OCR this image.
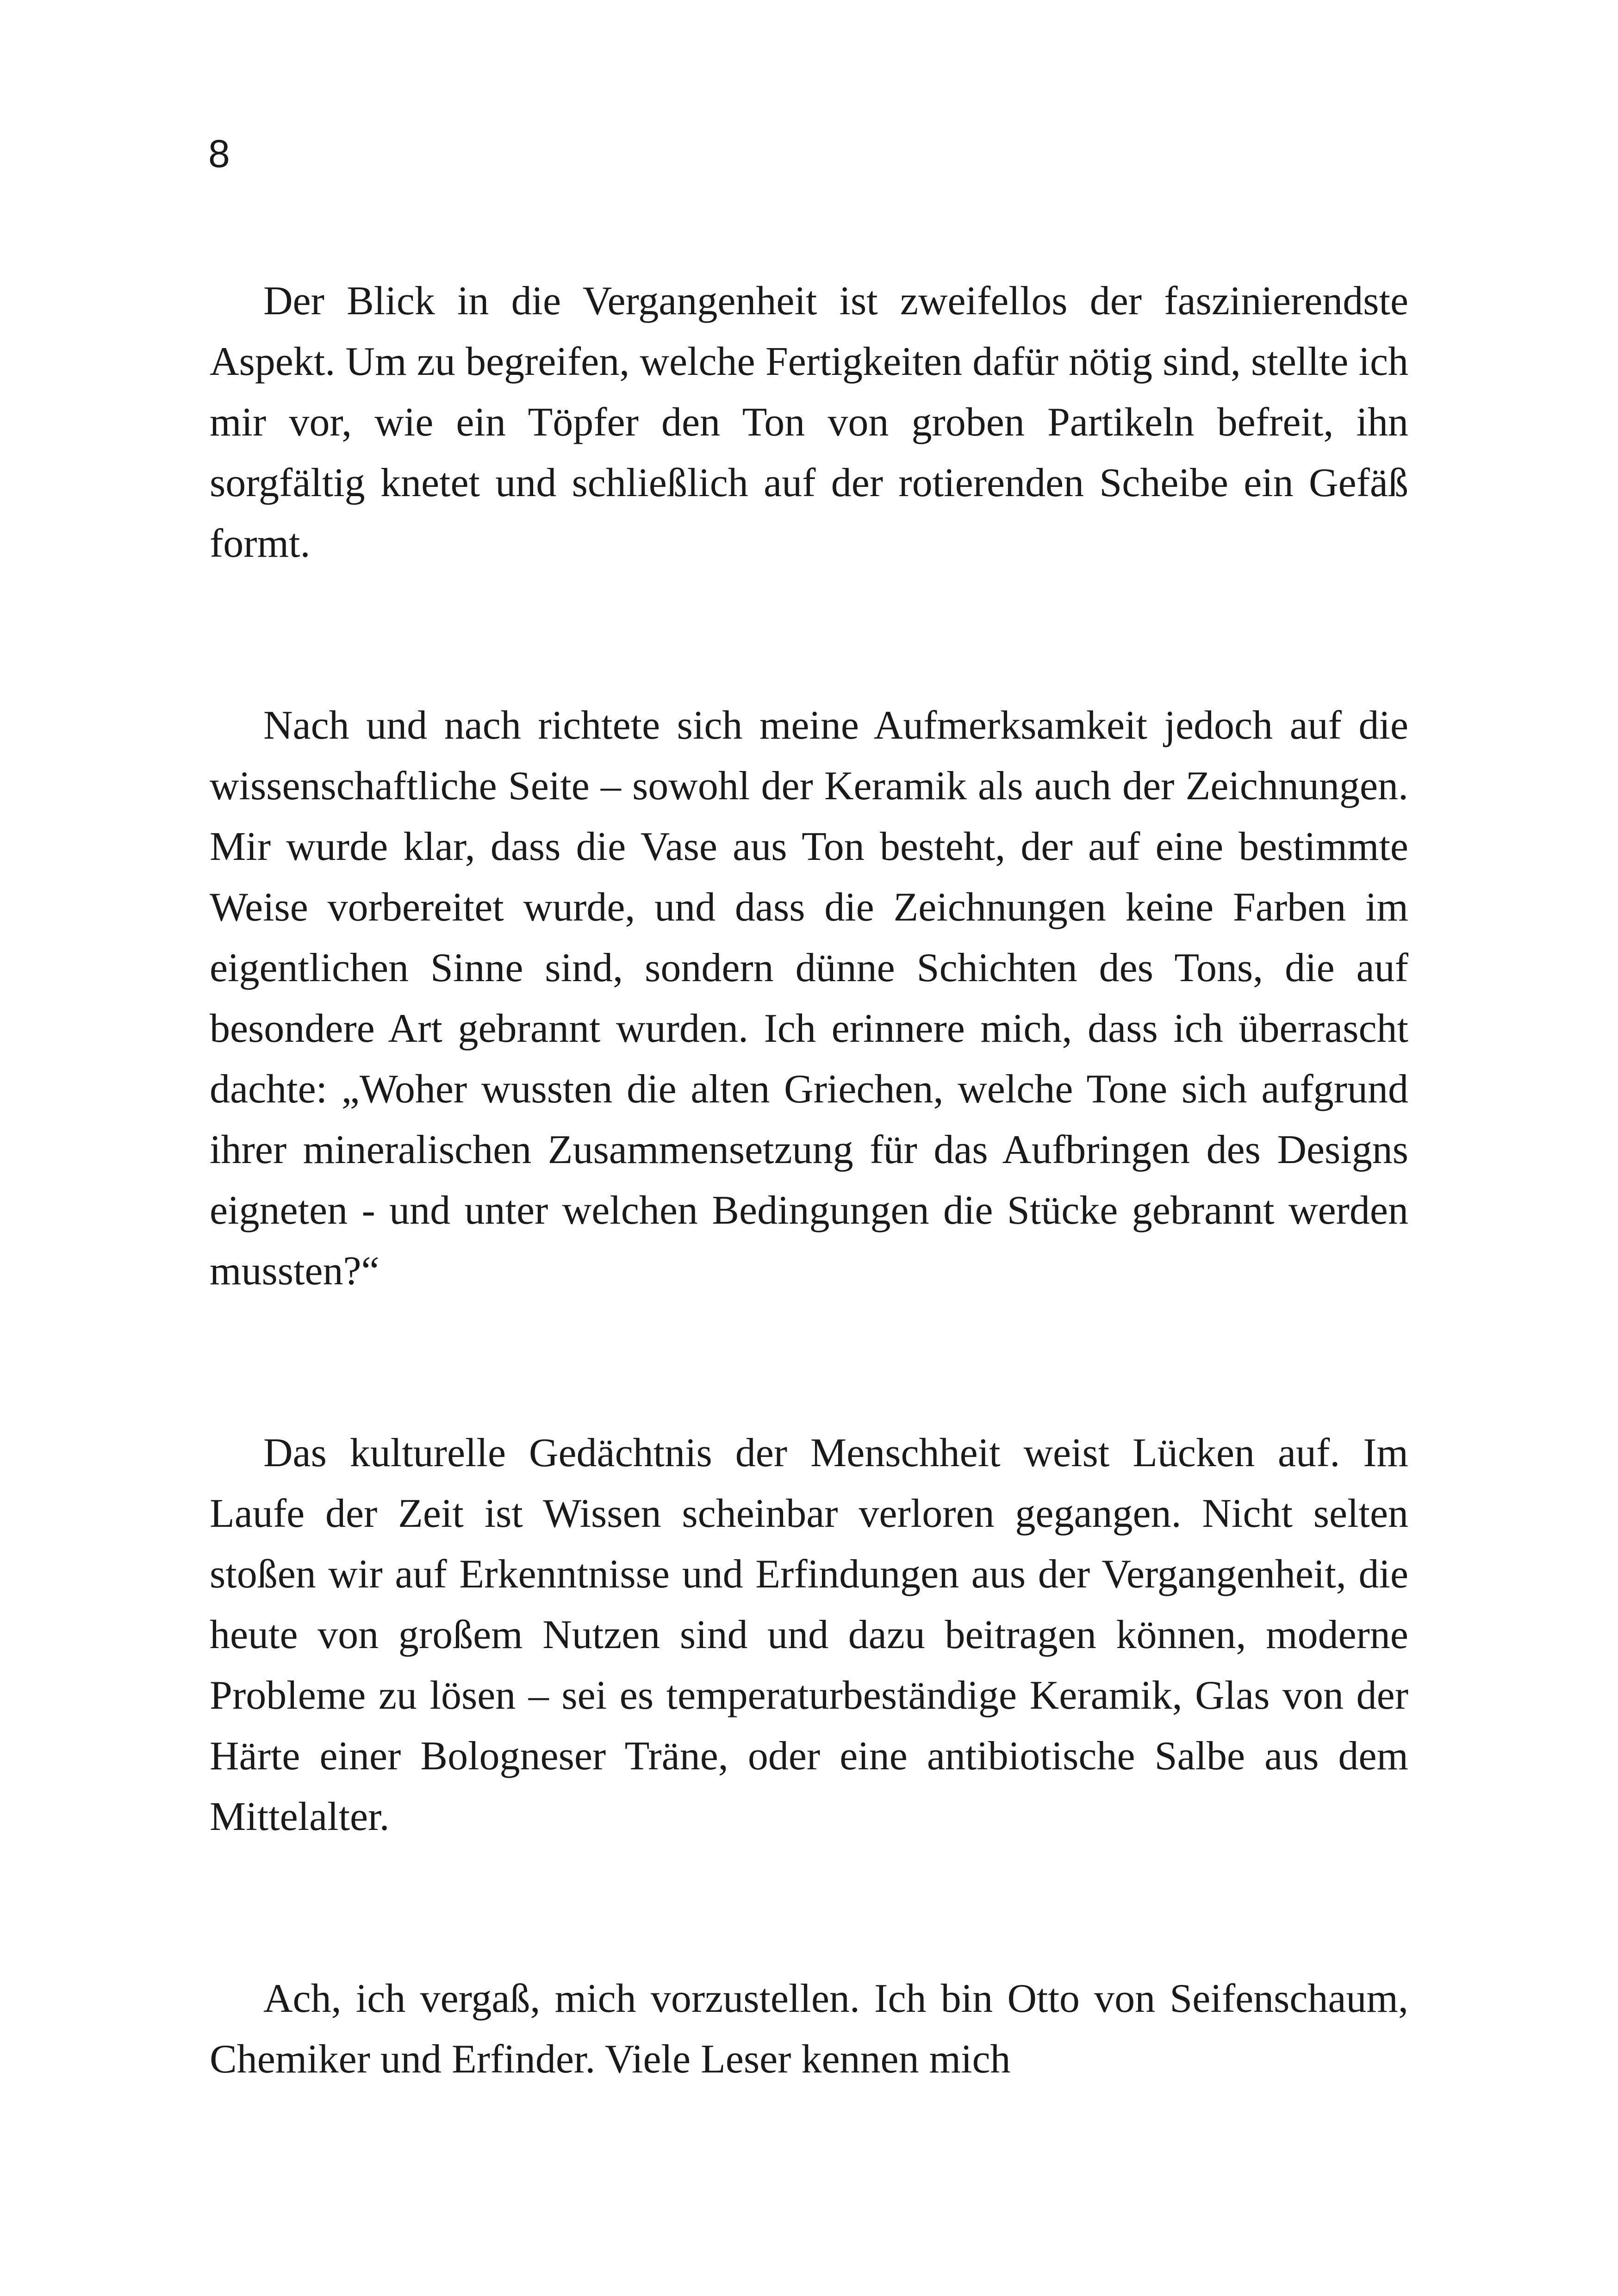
8

Der Blick in die Vergangenheit ist zweifellos der faszinierendste Aspekt. Um zu begreifen, welche Fertigkeiten dafür nötig sind, stellte ich mir vor, wie ein Töpfer den Ton von groben Partikeln befreit, ihn sorgfältig knetet und schließlich auf der rotierenden Scheibe ein Gefäß formt.

Nach und nach richtete sich meine Aufmerksamkeit jedoch auf die wissenschaftliche Seite – sowohl der Keramik als auch der Zeichnungen. Mir wurde klar, dass die Vase aus Ton besteht, der auf eine bestimmte Weise vorbereitet wurde, und dass die Zeichnungen keine Farben im eigentlichen Sinne sind, sondern dünne Schichten des Tons, die auf besondere Art gebrannt wurden. Ich erinnere mich, dass ich überrascht dachte: „Woher wussten die alten Griechen, welche Tone sich aufgrund ihrer mineralischen Zusammensetzung für das Aufbringen des Designs eigneten - und unter welchen Bedingungen die Stücke gebrannt werden mussten?“

Das kulturelle Gedächtnis der Menschheit weist Lücken auf. Im Laufe der Zeit ist Wissen scheinbar verloren gegangen. Nicht selten stoßen wir auf Erkenntnisse und Erfindungen aus der Vergangenheit, die heute von großem Nutzen sind und dazu beitragen können, moderne Probleme zu lösen – sei es temperaturbeständige Keramik, Glas von der Härte einer Bologneser Träne, oder eine antibiotische Salbe aus dem Mittelalter.

Ach, ich vergaß, mich vorzustellen. Ich bin Otto von Seifenschaum, Chemiker und Erfinder. Viele Leser kennen mich
